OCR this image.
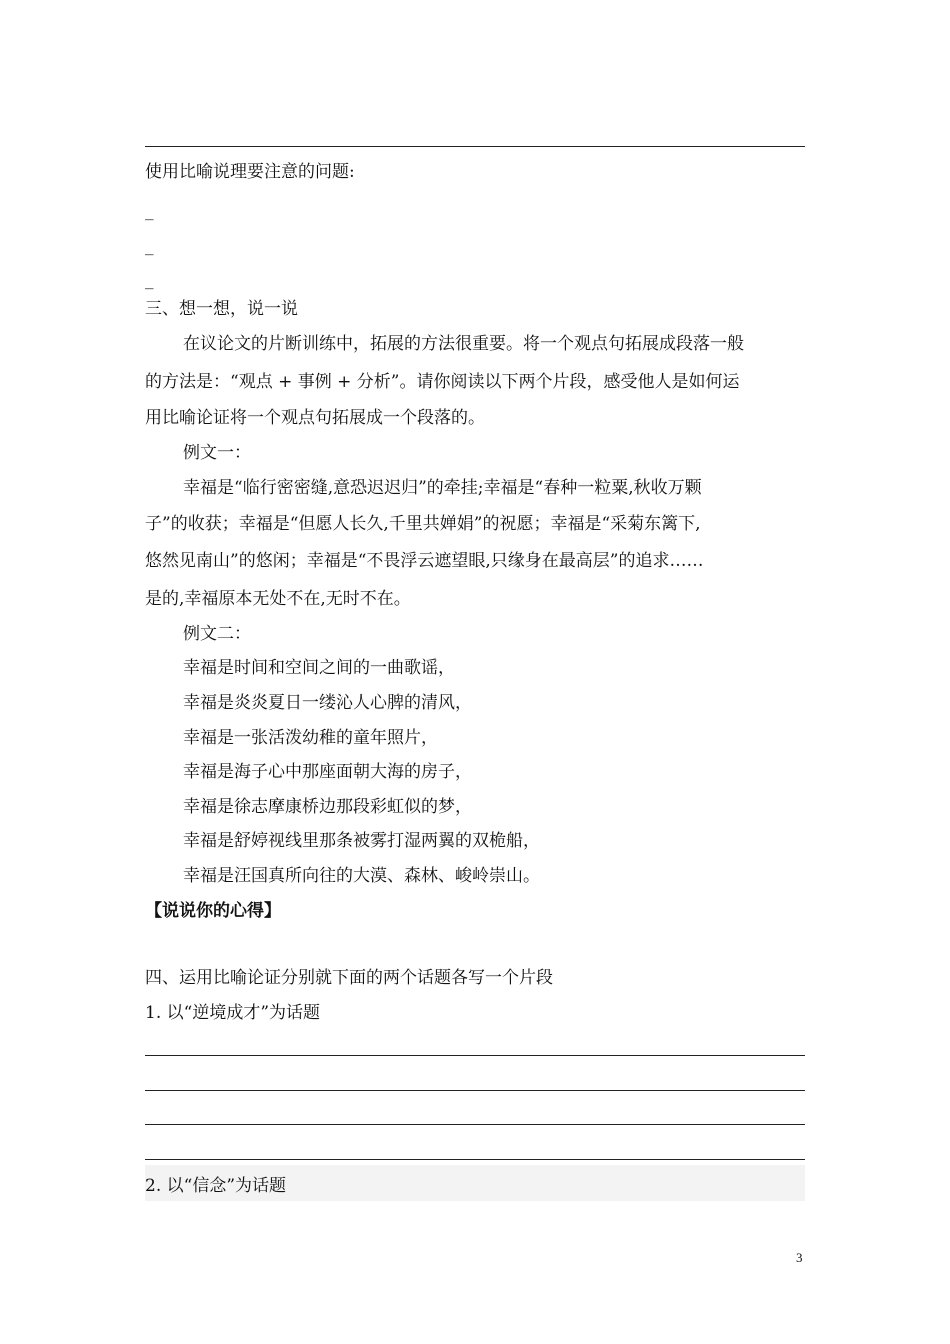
使用比喻说理要注意的问题:
_
_
_
三、想一想，说一说
在议论文的片断训练中，拓展的方法很重要。将一个观点句拓展成段落一般
的方法是：“观点 + 事例 + 分析”。请你阅读以下两个片段，感受他人是如何运
用比喻论证将一个观点句拓展成一个段落的。
例文一：
幸福是“临行密密缝,意恐迟迟归”的牵挂;幸福是“春种一粒粟,秋收万颗
子”的收获；幸福是“但愿人长久,千里共婵娟”的祝愿；幸福是“采菊东篱下,
悠然见南山”的悠闲；幸福是“不畏浮云遮望眼,只缘身在最高层”的追求……
是的,幸福原本无处不在,无时不在。
例文二：
幸福是时间和空间之间的一曲歌谣，
幸福是炎炎夏日一缕沁人心脾的清风，
幸福是一张活泼幼稚的童年照片，
幸福是海子心中那座面朝大海的房子，
幸福是徐志摩康桥边那段彩虹似的梦，
幸福是舒婷视线里那条被雾打湿两翼的双桅船，
幸福是汪国真所向往的大漠、森林、峻岭崇山。
【说说你的心得】
四、运用比喻论证分别就下面的两个话题各写一个片段
1. 以“逆境成才”为话题
2. 以“信念”为话题
3
